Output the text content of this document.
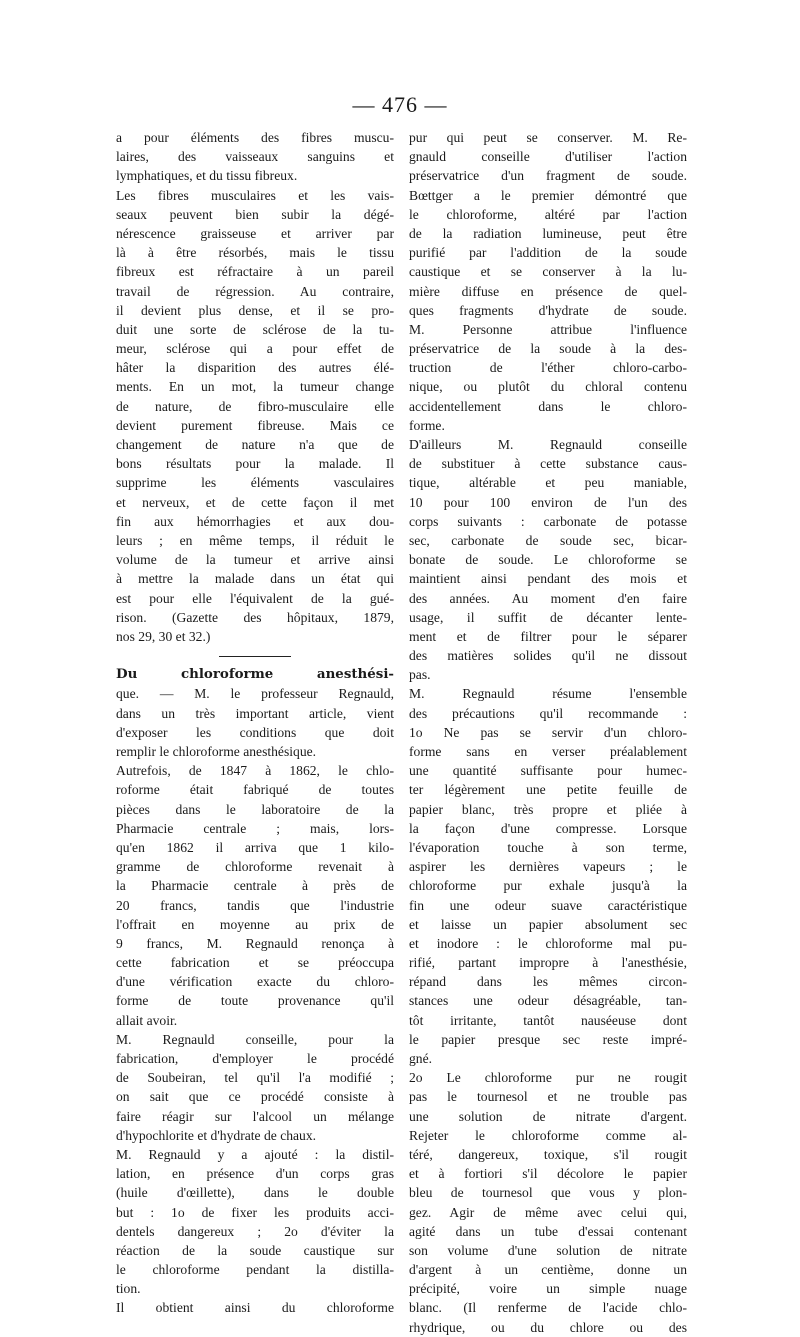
— 476 —
a pour éléments des fibres muscu-
laires, des vaisseaux sanguins et
lymphatiques, et du tissu fibreux.
Les fibres musculaires et les vais-
seaux peuvent bien subir la dégé-
nérescence graisseuse et arriver par
là à être résorbés, mais le tissu
fibreux est réfractaire à un pareil
travail de régression. Au contraire,
il devient plus dense, et il se pro-
duit une sorte de sclérose de la tu-
meur, sclérose qui a pour effet de
hâter la disparition des autres élé-
ments. En un mot, la tumeur change
de nature, de fibro-musculaire elle
devient purement fibreuse. Mais ce
changement de nature n'a que de
bons résultats pour la malade. Il
supprime les éléments vasculaires
et nerveux, et de cette façon il met
fin aux hémorrhagies et aux dou-
leurs ; en même temps, il réduit le
volume de la tumeur et arrive ainsi
à mettre la malade dans un état qui
est pour elle l'équivalent de la gué-
rison. (Gazette des hôpitaux, 1879,
nos 29, 30 et 32.)
Du chloroforme anesthési-
que. — M. le professeur Regnauld,
dans un très important article, vient
d'exposer les conditions que doit
remplir le chloroforme anesthésique.
Autrefois, de 1847 à 1862, le chlo-
roforme était fabriqué de toutes
pièces dans le laboratoire de la
Pharmacie centrale ; mais, lors-
qu'en 1862 il arriva que 1 kilo-
gramme de chloroforme revenait à
la Pharmacie centrale à près de
20 francs, tandis que l'industrie
l'offrait en moyenne au prix de
9 francs, M. Regnauld renonça à
cette fabrication et se préoccupa
d'une vérification exacte du chloro-
forme de toute provenance qu'il
allait avoir.
M. Regnauld conseille, pour la
fabrication, d'employer le procédé
de Soubeiran, tel qu'il l'a modifié ;
on sait que ce procédé consiste à
faire réagir sur l'alcool un mélange
d'hypochlorite et d'hydrate de chaux.
M. Regnauld y a ajouté : la distil-
lation, en présence d'un corps gras
(huile d'œillette), dans le double
but : 1o de fixer les produits acci-
dentels dangereux ; 2o d'éviter la
réaction de la soude caustique sur
le chloroforme pendant la distilla-
tion.
Il obtient ainsi du chloroforme
pur qui peut se conserver. M. Re-
gnauld conseille d'utiliser l'action
préservatrice d'un fragment de soude.
Bœttger a le premier démontré que
le chloroforme, altéré par l'action
de la radiation lumineuse, peut être
purifié par l'addition de la soude
caustique et se conserver à la lu-
mière diffuse en présence de quel-
ques fragments d'hydrate de soude.
M. Personne attribue l'influence
préservatrice de la soude à la des-
truction de l'éther chloro-carbo-
nique, ou plutôt du chloral contenu
accidentellement dans le chloro-
forme.
D'ailleurs M. Regnauld conseille
de substituer à cette substance caus-
tique, altérable et peu maniable,
10 pour 100 environ de l'un des
corps suivants : carbonate de potasse
sec, carbonate de soude sec, bicar-
bonate de soude. Le chloroforme se
maintient ainsi pendant des mois et
des années. Au moment d'en faire
usage, il suffit de décanter lente-
ment et de filtrer pour le séparer
des matières solides qu'il ne dissout
pas.
M. Regnauld résume l'ensemble
des précautions qu'il recommande :
1o Ne pas se servir d'un chloro-
forme sans en verser préalablement
une quantité suffisante pour humec-
ter légèrement une petite feuille de
papier blanc, très propre et pliée à
la façon d'une compresse. Lorsque
l'évaporation touche à son terme,
aspirer les dernières vapeurs ; le
chloroforme pur exhale jusqu'à la
fin une odeur suave caractéristique
et laisse un papier absolument sec
et inodore : le chloroforme mal pu-
rifié, partant impropre à l'anesthésie,
répand dans les mêmes circon-
stances une odeur désagréable, tan-
tôt irritante, tantôt nauséeuse dont
le papier presque sec reste impré-
gné.
2o Le chloroforme pur ne rougit
pas le tournesol et ne trouble pas
une solution de nitrate d'argent.
Rejeter le chloroforme comme al-
téré, dangereux, toxique, s'il rougit
et à fortiori s'il décolore le papier
bleu de tournesol que vous y plon-
gez. Agir de même avec celui qui,
agité dans un tube d'essai contenant
son volume d'une solution de nitrate
d'argent à un centième, donne un
précipité, voire un simple nuage
blanc. (Il renferme de l'acide chlo-
rhydrique, ou du chlore ou des
